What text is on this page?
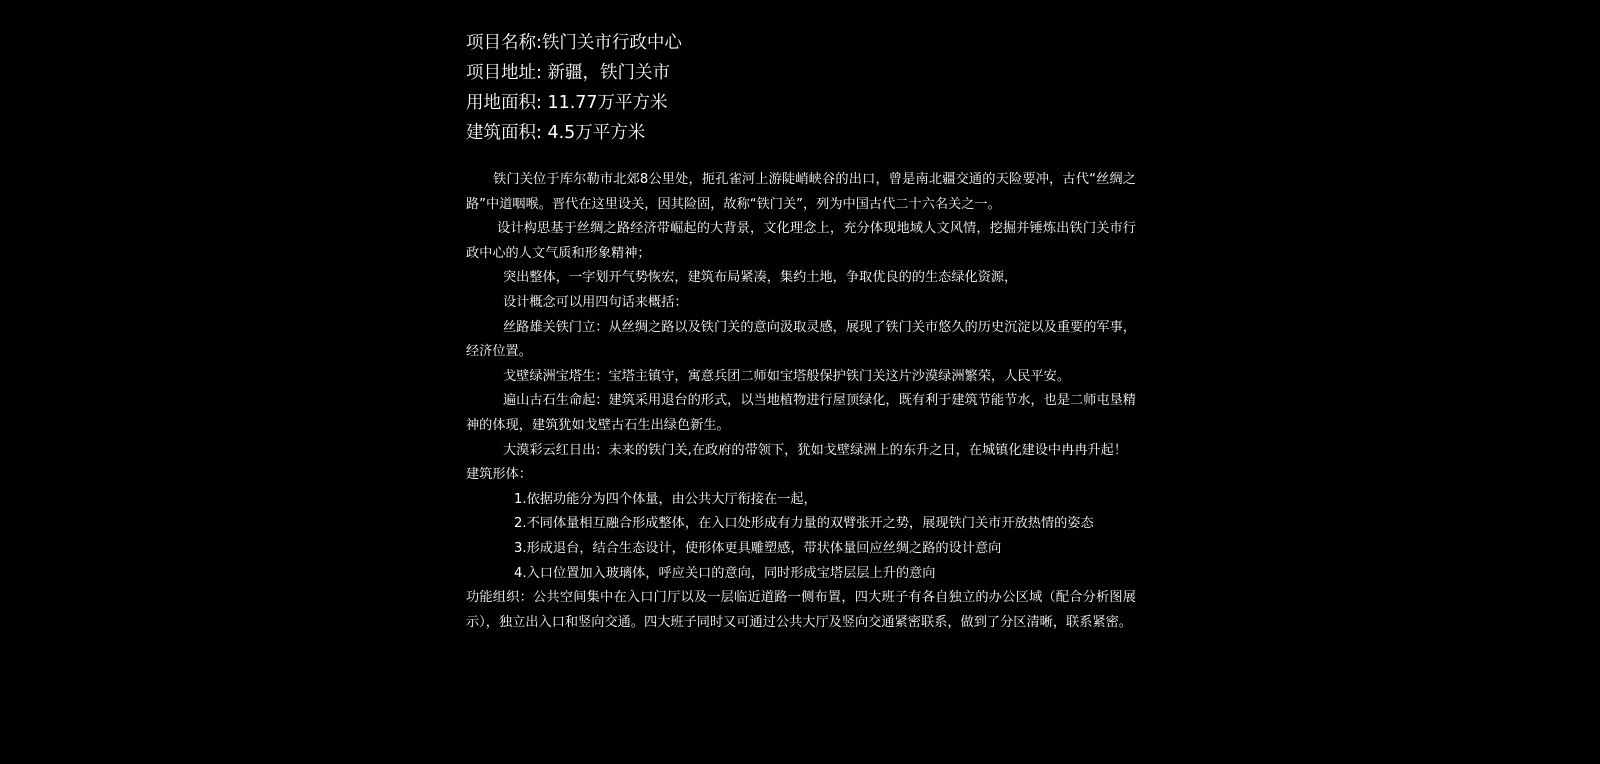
项目名称:铁门关市行政中心
项目地址: 新疆，铁门关市
用地面积: 11.77万平方米
建筑面积: 4.5万平方米

铁门关位于库尔勒市北郊8公里处，扼孔雀河上游陡峭峡谷的出口，曾是南北疆交通的天险要冲，古代“丝绸之路”中道咽喉。晋代在这里设关，因其险固，故称“铁门关”，列为中国古代二十六名关之一。

设计构思基于丝绸之路经济带崛起的大背景，文化理念上，充分体现地域人文风情，挖掘并锤炼出铁门关市行政中心的人文气质和形象精神；

突出整体，一字划开气势恢宏，建筑布局紧凑，集约土地，争取优良的的生态绿化资源，

设计概念可以用四句话来概括：

丝路雄关铁门立：从丝绸之路以及铁门关的意向汲取灵感，展现了铁门关市悠久的历史沉淀以及重要的军事，经济位置。

戈壁绿洲宝塔生：宝塔主镇守，寓意兵团二师如宝塔般保护铁门关这片沙漠绿洲繁荣，人民平安。

遍山古石生命起：建筑采用退台的形式，以当地植物进行屋顶绿化，既有利于建筑节能节水，也是二师屯垦精神的体现，建筑犹如戈壁古石生出绿色新生。

大漠彩云红日出：未来的铁门关,在政府的带领下，犹如戈壁绿洲上的东升之日，在城镇化建设中冉冉升起！

建筑形体：

1.依据功能分为四个体量，由公共大厅衔接在一起，

2.不同体量相互融合形成整体，在入口处形成有力量的双臂张开之势，展现铁门关市开放热情的姿态

3.形成退台，结合生态设计，使形体更具雕塑感，带状体量回应丝绸之路的设计意向

4.入口位置加入玻璃体，呼应关口的意向，同时形成宝塔层层上升的意向

功能组织：公共空间集中在入口门厅以及一层临近道路一侧布置，四大班子有各自独立的办公区域（配合分析图展示），独立出入口和竖向交通。四大班子同时又可通过公共大厅及竖向交通紧密联系，做到了分区清晰，联系紧密。
